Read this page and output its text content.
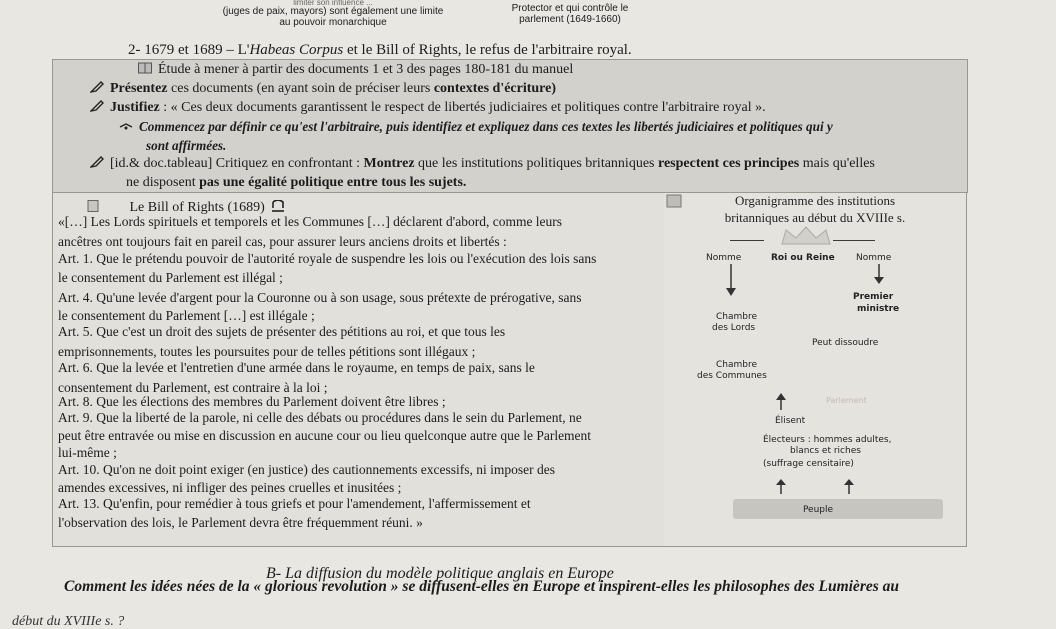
limiter son influence ...
(juges de paix, mayors) sont également une limite
au pouvoir monarchique
Protector et qui contrôle le
parlement (1649-1660)
2- 1679 et 1689 – L'Habeas Corpus et le Bill of Rights, le refus de l'arbitraire royal.
Étude à mener à partir des documents 1 et 3 des pages 180-181 du manuel
Présentez ces documents (en ayant soin de préciser leurs contextes d'écriture)
Justifiez : « Ces deux documents garantissent le respect de libertés judiciaires et politiques contre l'arbitraire royal ».
Commencez par définir ce qu'est l'arbitraire, puis identifiez et expliquez dans ces textes les libertés judiciaires et politiques qui y
sont affirmées.
[id.& doc.tableau] Critiquez en confrontant : Montrez que les institutions politiques britanniques respectent ces principes mais qu'elles
ne disposent pas une égalité politique entre tous les sujets.
Le Bill of Rights (1689)
«[…] Les Lords spirituels et temporels et les Communes […] déclarent d'abord, comme leurs
ancêtres ont toujours fait en pareil cas, pour assurer leurs anciens droits et libertés :
Art. 1. Que le prétendu pouvoir de l'autorité royale de suspendre les lois ou l'exécution des lois sans
le consentement du Parlement est illégal ;
Art. 4. Qu'une levée d'argent pour la Couronne ou à son usage, sous prétexte de prérogative, sans
le consentement du Parlement […] est illégale ;
Art. 5. Que c'est un droit des sujets de présenter des pétitions au roi, et que tous les
emprisonnements, toutes les poursuites pour de telles pétitions sont illégaux ;
Art. 6. Que la levée et l'entretien d'une armée dans le royaume, en temps de paix, sans le
consentement du Parlement, est contraire à la loi ;
Art. 8. Que les élections des membres du Parlement doivent être libres ;
Art. 9. Que la liberté de la parole, ni celle des débats ou procédures dans le sein du Parlement, ne
peut être entravée ou mise en discussion en aucune cour ou lieu quelconque autre que le Parlement
lui-même ;
Art. 10. Qu'on ne doit point exiger (en justice) des cautionnements excessifs, ni imposer des
amendes excessives, ni infliger des peines cruelles et inusitées ;
Art. 13. Qu'enfin, pour remédier à tous griefs et pour l'amendement, l'affermissement et
l'observation des lois, le Parlement devra être fréquemment réuni. »
Organigramme des institutions
britanniques au début du XVIIIe s.
Nomme	Roi ou Reine Nomme
Premier
ministre
Chambre
des Lords
Peut dissoudre
Chambre
des Communes
Parlement
Élisent
Électeurs : hommes adultes,
blancs et riches
(suffrage censitaire)
Peuple
B- La diffusion du modèle politique anglais en Europe
Comment les idées nées de la « glorious revolution » se diffusent-elles en Europe et inspirent-elles les philosophes des Lumières au
début du XVIIIe s. ?
